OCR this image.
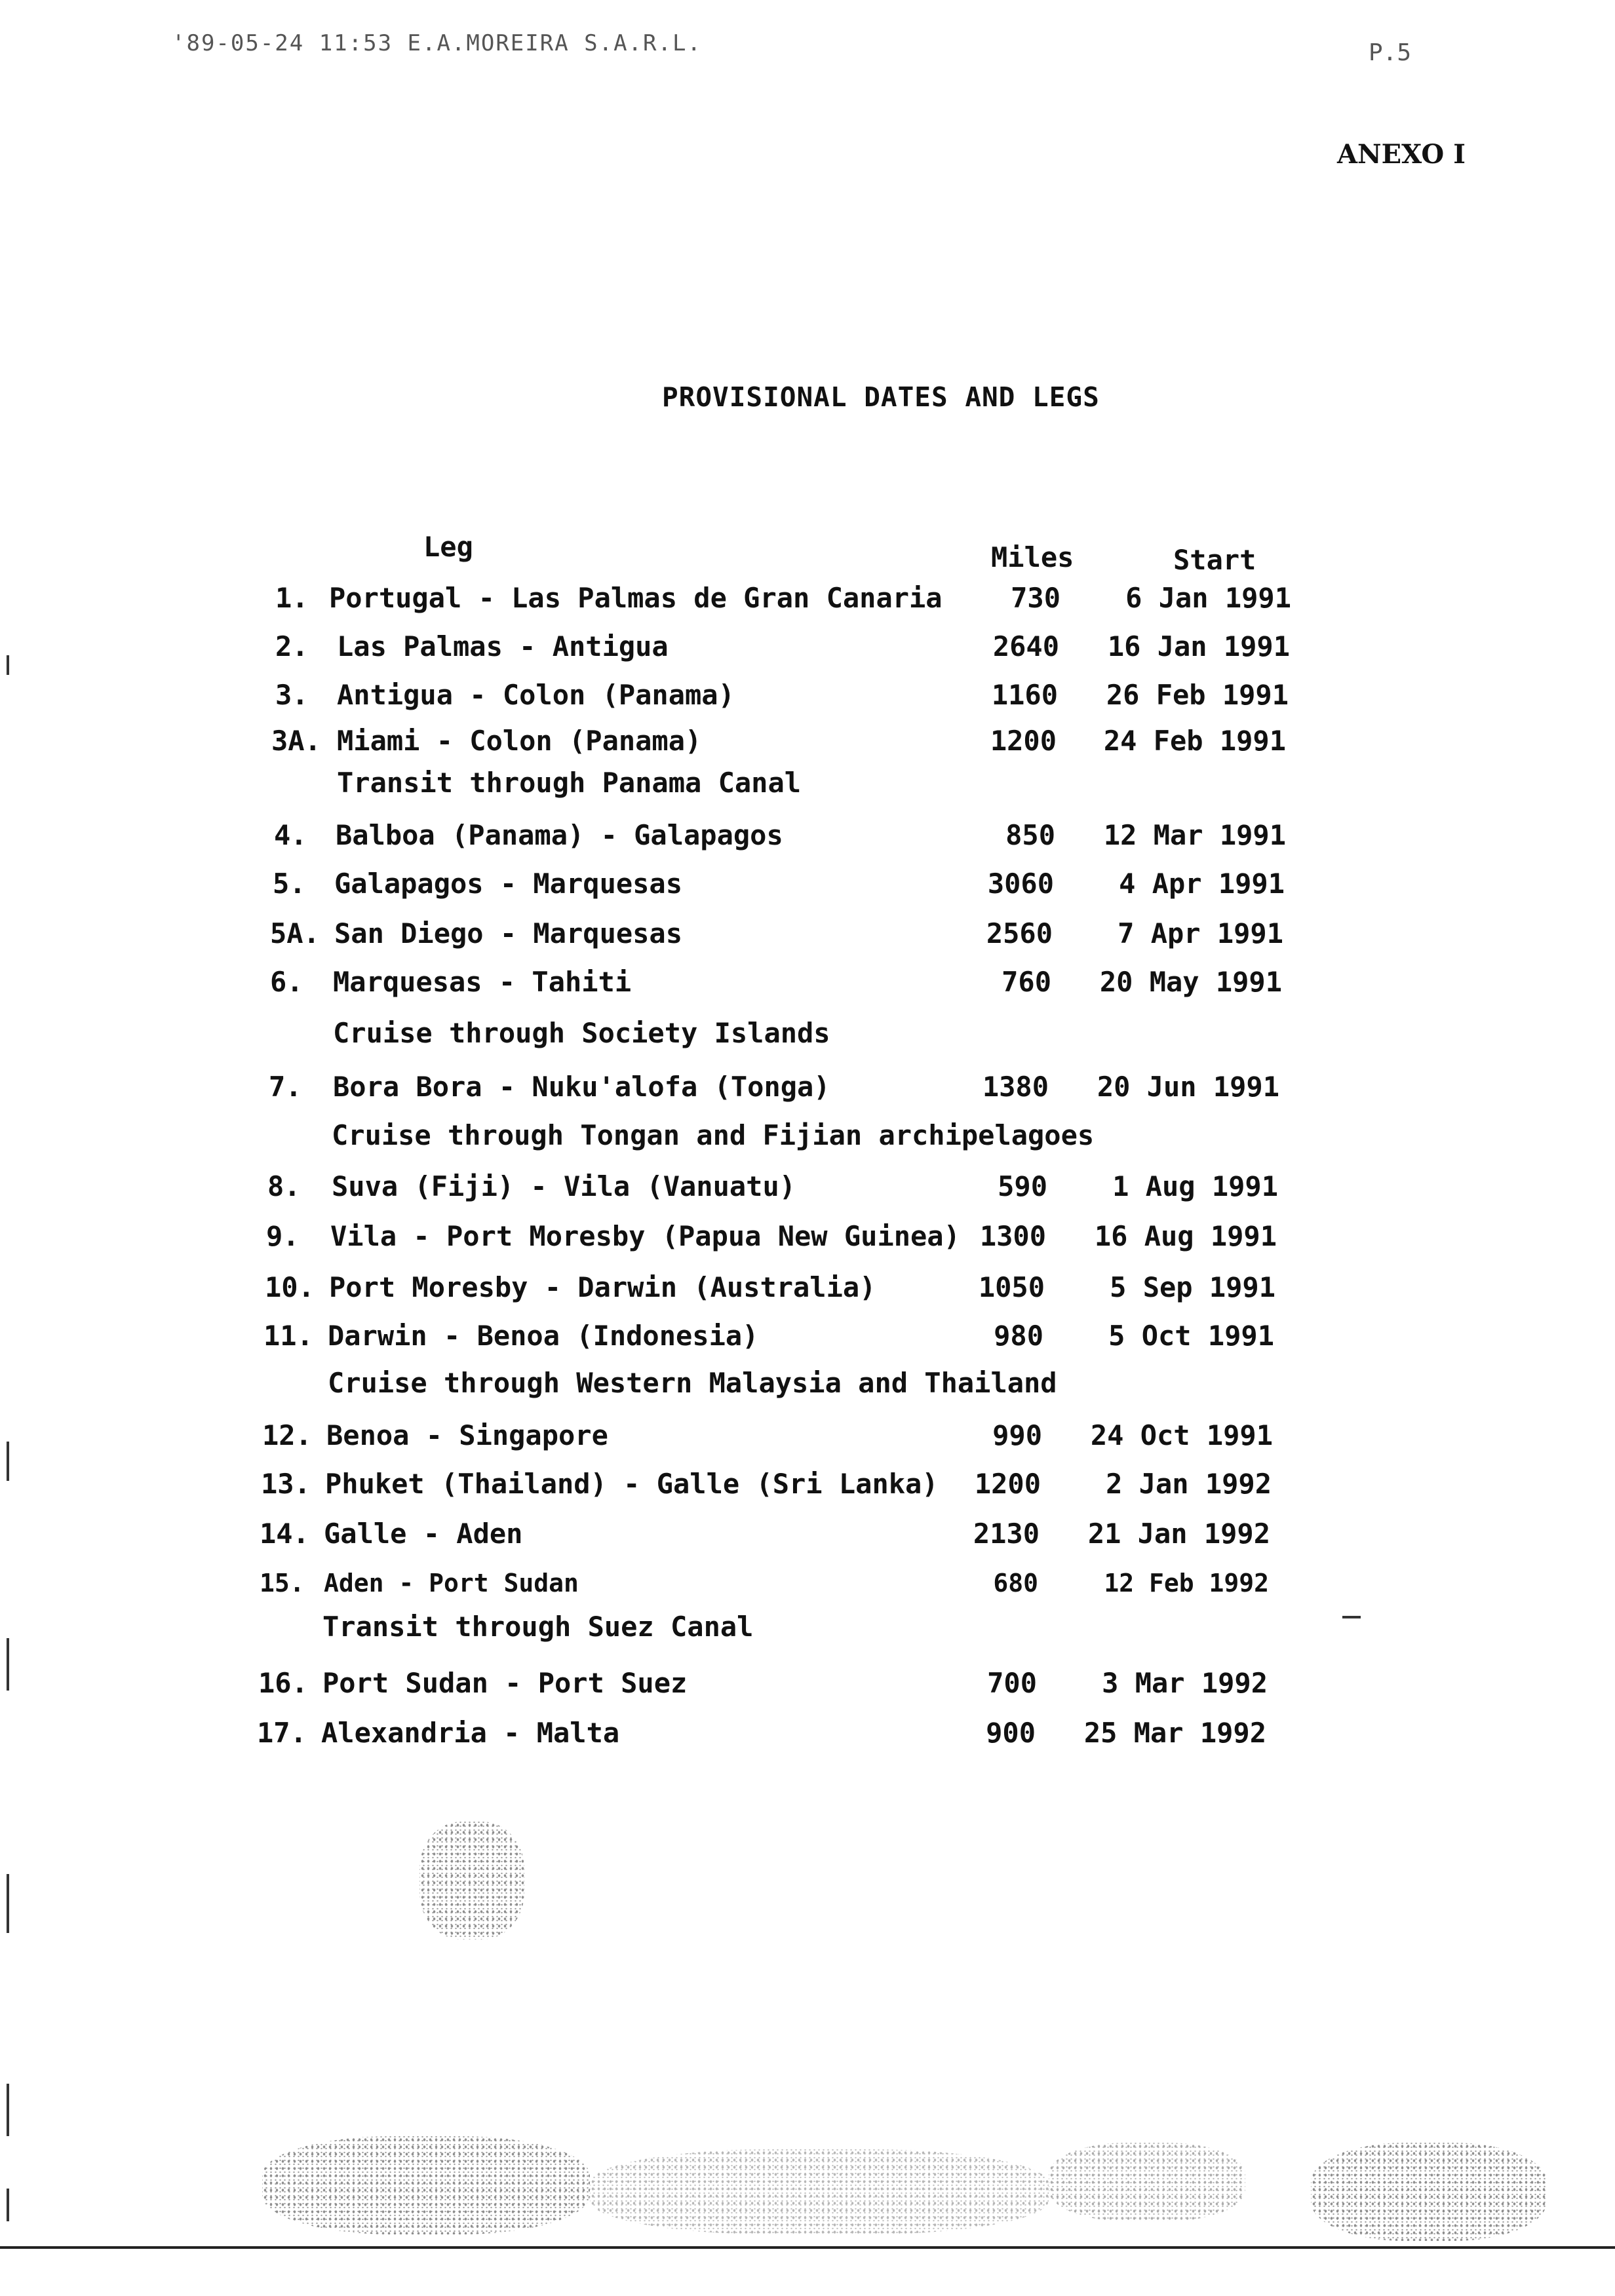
'89-05-24 11:53 E.A.MOREIRA S.A.R.L.	P.5
ANEXO I
PROVISIONAL DATES AND LEGS
Leg	Miles	Start
1. Portugal - Las Palmas de Gran Canaria	730	6 Jan 1991
2. Las Palmas - Antigua	2640	16 Jan 1991
3. Antigua - Colon (Panama)	1160	26 Feb 1991
3A. Miami - Colon (Panama)	1200	24 Feb 1991
Transit through Panama Canal
4. Balboa (Panama) - Galapagos	850	12 Mar 1991
5. Galapagos - Marquesas	3060	4 Apr 1991
5A. San Diego - Marquesas	2560	7 Apr 1991
6. Marquesas - Tahiti	760	20 May 1991
Cruise through Society Islands
7. Bora Bora - Nuku'alofa (Tonga)	1380	20 Jun 1991
Cruise through Tongan and Fijian archipelagoes
8. Suva (Fiji) - Vila (Vanuatu)	590	1 Aug 1991
9. Vila - Port Moresby (Papua New Guinea) 1300	16 Aug 1991
10. Port Moresby - Darwin (Australia)	1050	5 Sep 1991
11. Darwin - Benoa (Indonesia)	980	5 Oct 1991
Cruise through Western Malaysia and Thailand
12. Benoa - Singapore	990	24 Oct 1991
13. Phuket (Thailand) - Galle (Sri Lanka)	1200	2 Jan 1992
14. Galle - Aden	2130	21 Jan 1992
15. Aden - Port Sudan	680	12 Feb 1992
Transit through Suez Canal
16. Port Sudan - Port Suez	700	3 Mar 1992
17. Alexandria - Malta	900	25 Mar 1992
